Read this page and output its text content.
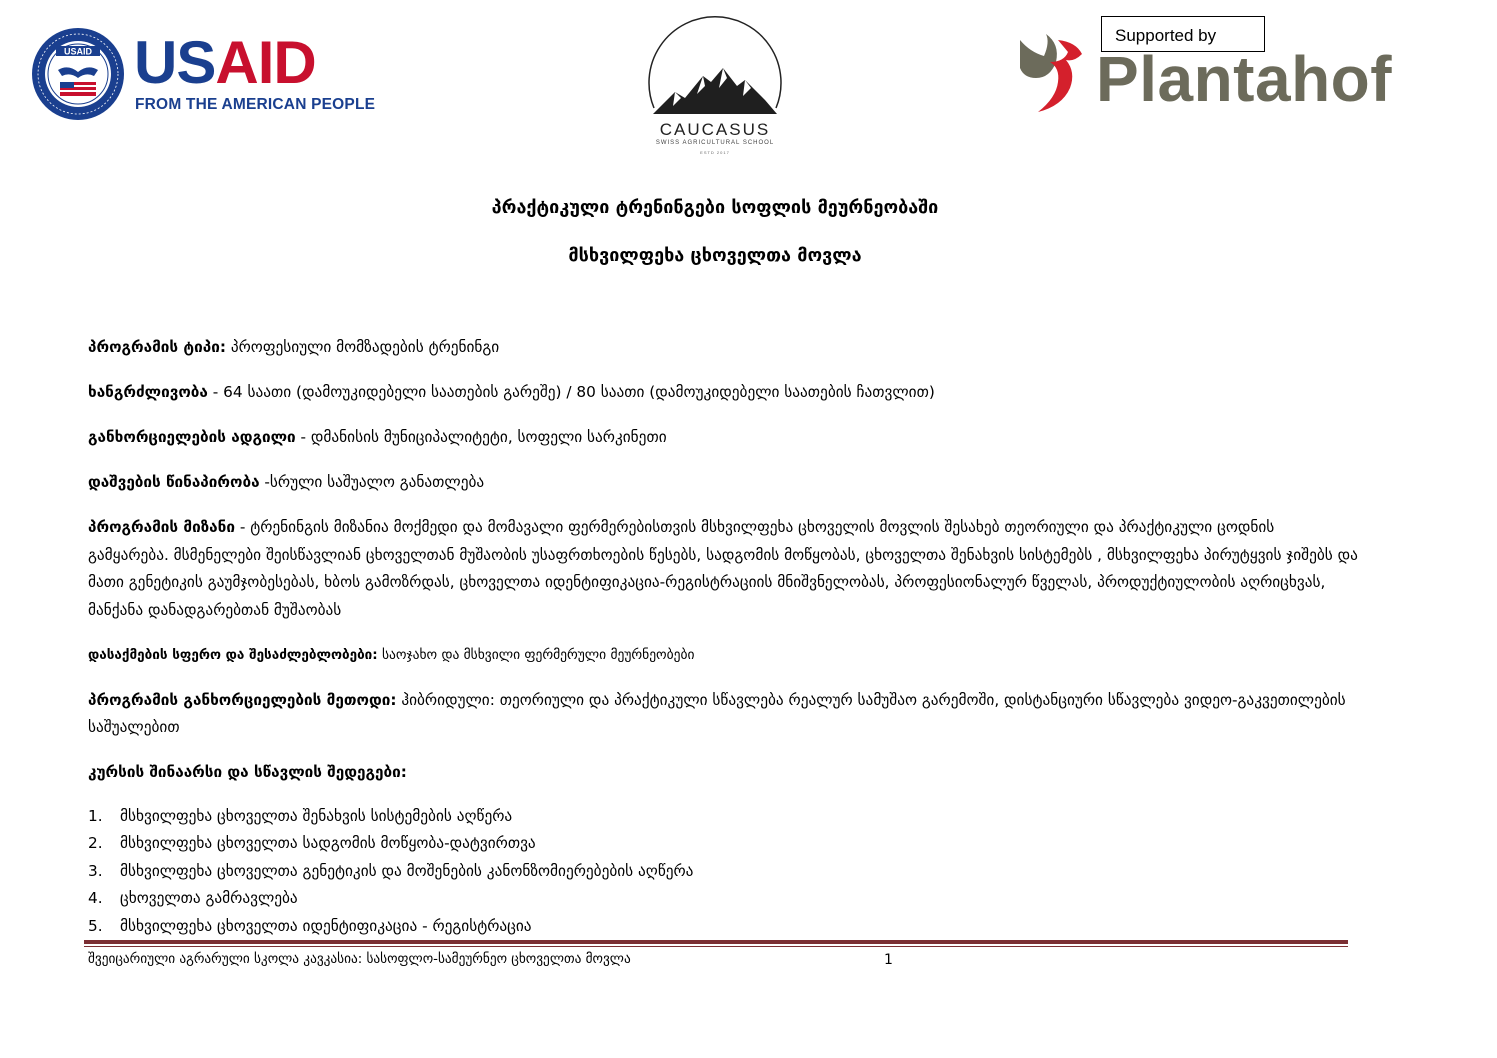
USAID USAID
FROM THE AMERICAN PEOPLE
CAUCASUS
SWISS AGRICULTURAL SCHOOL
ESTD 2017
Plantahof
Supported by
პრაქტიკული ტრენინგები სოფლის მეურნეობაში
მსხვილფეხა ცხოველთა მოვლა

პროგრამის ტიპი: პროფესიული მომზადების ტრენინგი

ხანგრძლივობა - 64 საათი (დამოუკიდებელი საათების გარეშე) / 80 საათი (დამოუკიდებელი საათების ჩათვლით)

განხორციელების ადგილი - დმანისის მუნიციპალიტეტი, სოფელი სარკინეთი

დაშვების წინაპირობა -სრული საშუალო განათლება

პროგრამის მიზანი - ტრენინგის მიზანია მოქმედი და მომავალი ფერმერებისთვის მსხვილფეხა ცხოველის მოვლის შესახებ თეორიული და პრაქტიკული ცოდნის გამყარება. მსმენელები შეისწავლიან ცხოველთან მუშაობის უსაფრთხოების წესებს, სადგომის მოწყობას, ცხოველთა შენახვის სისტემებს , მსხვილფეხა პირუტყვის ჯიშებს და მათი გენეტიკის გაუმჯობესებას, ხბოს გამოზრდას, ცხოველთა იდენტიფიკაცია-რეგისტრაციის მნიშვნელობას, პროფესიონალურ წველას, პროდუქტიულობის აღრიცხვას, მანქანა დანადგარებთან მუშაობას

დასაქმების სფერო და შესაძლებლობები: საოჯახო და მსხვილი ფერმერული მეურნეობები

პროგრამის განხორციელების მეთოდი: ჰიბრიდული: თეორიული და პრაქტიკული სწავლება რეალურ სამუშაო გარემოში, დისტანციური სწავლება ვიდეო-გაკვეთილების საშუალებით

კურსის შინაარსი და სწავლის შედეგები:

1. მსხვილფეხა ცხოველთა შენახვის სისტემების აღწერა
2. მსხვილფეხა ცხოველთა სადგომის მოწყობა-დატვირთვა
3. მსხვილფეხა ცხოველთა გენეტიკის და მოშენების კანონზომიერებების აღწერა
4. ცხოველთა გამრავლება
5. მსხვილფეხა ცხოველთა იდენტიფიკაცია - რეგისტრაცია
შვეიცარიული აგრარული სკოლა კავკასია: სასოფლო-სამეურნეო ცხოველთა მოვლა	1
